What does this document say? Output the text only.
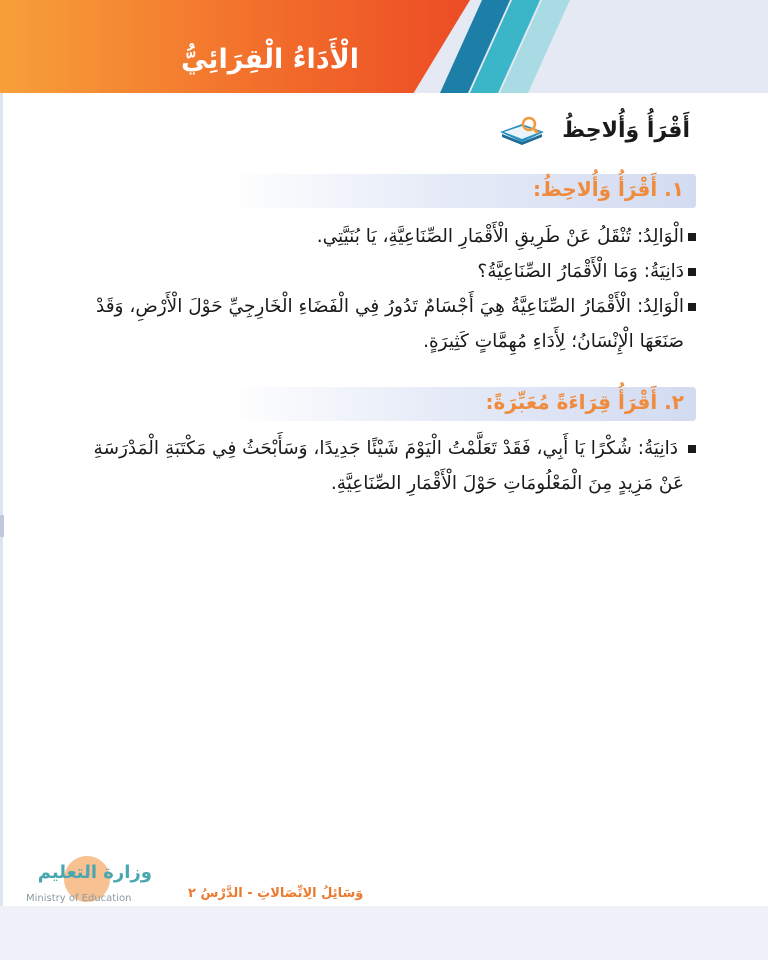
الْأَدَاءُ الْقِرَائِيُّ
أَقْرَأُ وَأُلاحِظُ
١. أَقْرَأُ وَأُلاحِظُ:
الْوَالِدُ: تُنْقَلُ عَنْ طَرِيقِ الْأَقْمَارِ الصِّنَاعِيَّةِ، يَا بُنَيَّتِي.
دَانِيَةُ: وَمَا الْأَقْمَارُ الصِّنَاعِيَّةُ؟
الْوَالِدُ: الْأَقْمَارُ الصِّنَاعِيَّةُ هِيَ أَجْسَامٌ تَدُورُ فِي الْفَضَاءِ الْخَارِجِيِّ حَوْلَ الْأَرْضِ، وَقَدْ
صَنَعَهَا الْإِنْسَانُ؛ لِأَدَاءِ مُهِمَّاتٍ كَثِيرَةٍ.
٢. أَقْرَأُ قِرَاءَةً مُعَبِّرَةً:
دَانِيَةُ: شُكْرًا يَا أَبِي، فَقَدْ تَعَلَّمْتُ الْيَوْمَ شَيْئًا جَدِيدًا، وَسَأَبْحَثُ فِي مَكْتَبَةِ الْمَدْرَسَةِ
عَنْ مَزِيدٍ مِنَ الْمَعْلُومَاتِ حَوْلَ الْأَقْمَارِ الصِّنَاعِيَّةِ.
وزارة التعليم
Ministry of Education	وَسَائِلُ الِاتِّصَالاتِ - الدَّرْسُ ٢
